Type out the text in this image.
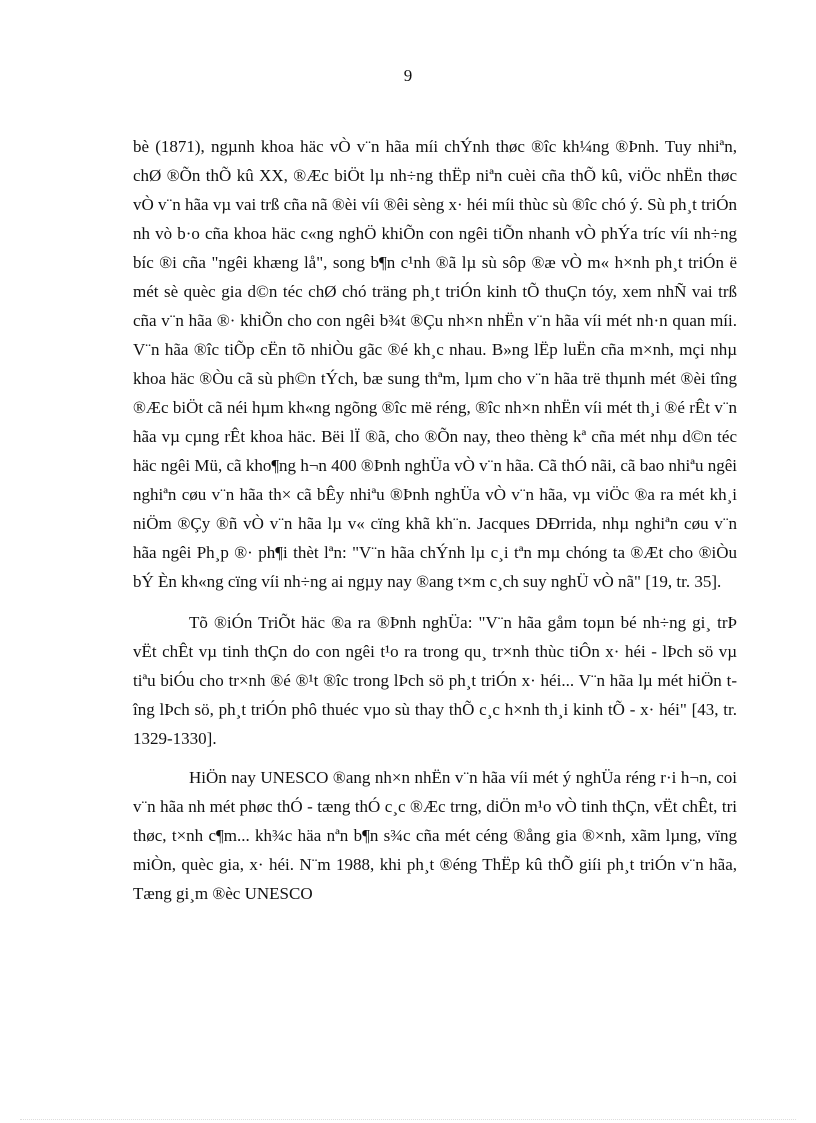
9

bè (1871), ngµnh khoa häc vÒ v¨n hãa míi chÝnh thøc ®îc kh¼ng ®Þnh. Tuy nhiªn, chØ ®Õn thÕ kû XX, ®Æc biÖt lµ nh÷ng thËp niªn cuèi cña thÕ kû, viÖc nhËn thøc vÒ v¨n hãa vµ vai trß cña nã ®èi víi ®êi sèng x· héi míi thùc sù ®îc chó ý. Sù ph¸t triÓn nh vò b·o cña khoa häc c«ng nghÖ khiÕn con ngêi tiÕn nhanh vÒ phÝa tríc víi nh÷ng bíc ®i cña "ngêi khæng lå", song b¶n c¹nh ®ã lµ sù sôp ®æ vÒ m« h×nh ph¸t triÓn ë mét sè quèc gia d©n téc chØ chó träng ph¸t triÓn kinh tÕ thuÇn tóy, xem nhÑ vai trß cña v¨n hãa ®· khiÕn cho con ngêi b¾t ®Çu nh×n nhËn v¨n hãa víi mét nh·n quan míi. V¨n hãa ®îc tiÕp cËn tõ nhiÒu gãc ®é kh¸c nhau. B»ng lËp luËn cña m×nh, mçi nhµ khoa häc ®Òu cã sù ph©n tÝch, bæ sung thªm, lµm cho v¨n hãa trë thµnh mét ®èi tîng ®Æc biÖt cã néi hµm kh«ng ngõng ®îc më réng, ®îc nh×n nhËn víi mét th¸i ®é rÊt v¨n hãa vµ cµng rÊt khoa häc. Bëi lÏ ®ã, cho ®Õn nay, theo thèng kª cña mét nhµ d©n téc häc ngêi Mü, cã kho¶ng h¬n 400 ®Þnh nghÜa vÒ v¨n hãa. Cã thÓ nãi, cã bao nhiªu ngêi nghiªn cøu v¨n hãa th× cã bÊy nhiªu ®Þnh nghÜa vÒ v¨n hãa, vµ viÖc ®a ra mét kh¸i niÖm ®Çy ®ñ vÒ v¨n hãa lµ v« cïng khã kh¨n. Jacques DÐrrida, nhµ nghiªn cøu v¨n hãa ngêi Ph¸p ®· ph¶i thèt lªn: "V¨n hãa chÝnh lµ c¸i tªn mµ chóng ta ®Æt cho ®iÒu bÝ Èn kh«ng cïng víi nh÷ng ai ngµy nay ®ang t×m c¸ch suy nghÜ vÒ nã" [19, tr. 35].

Tõ ®iÓn TriÕt häc ®a ra ®Þnh nghÜa: "V¨n hãa gåm toµn bé nh÷ng gi¸ trÞ vËt chÊt vµ tinh thÇn do con ngêi t¹o ra trong qu¸ tr×nh thùc tiÔn x· héi - lÞch sö vµ tiªu biÓu cho tr×nh ®é ®¹t ®îc trong lÞch sö ph¸t triÓn x· héi... V¨n hãa lµ mét hiÖn tîng lÞch sö, ph¸t triÓn phô thuéc vµo sù thay thÕ c¸c h×nh th¸i kinh tÕ - x· héi" [43, tr. 1329-1330].

HiÖn nay UNESCO ®ang nh×n nhËn v¨n hãa víi mét ý nghÜa réng r·i h¬n, coi v¨n hãa nh mét phøc thÓ - tæng thÓ c¸c ®Æc trng, diÖn m¹o vÒ tinh thÇn, vËt chÊt, tri thøc, t×nh c¶m... kh¾c häa nªn b¶n s¾c cña mét céng ®ång gia ®×nh, xãm lµng, vïng miÒn, quèc gia, x· héi. N¨m 1988, khi ph¸t ®éng ThËp kû thÕ giíi ph¸t triÓn v¨n hãa, Tæng gi¸m ®èc UNESCO
